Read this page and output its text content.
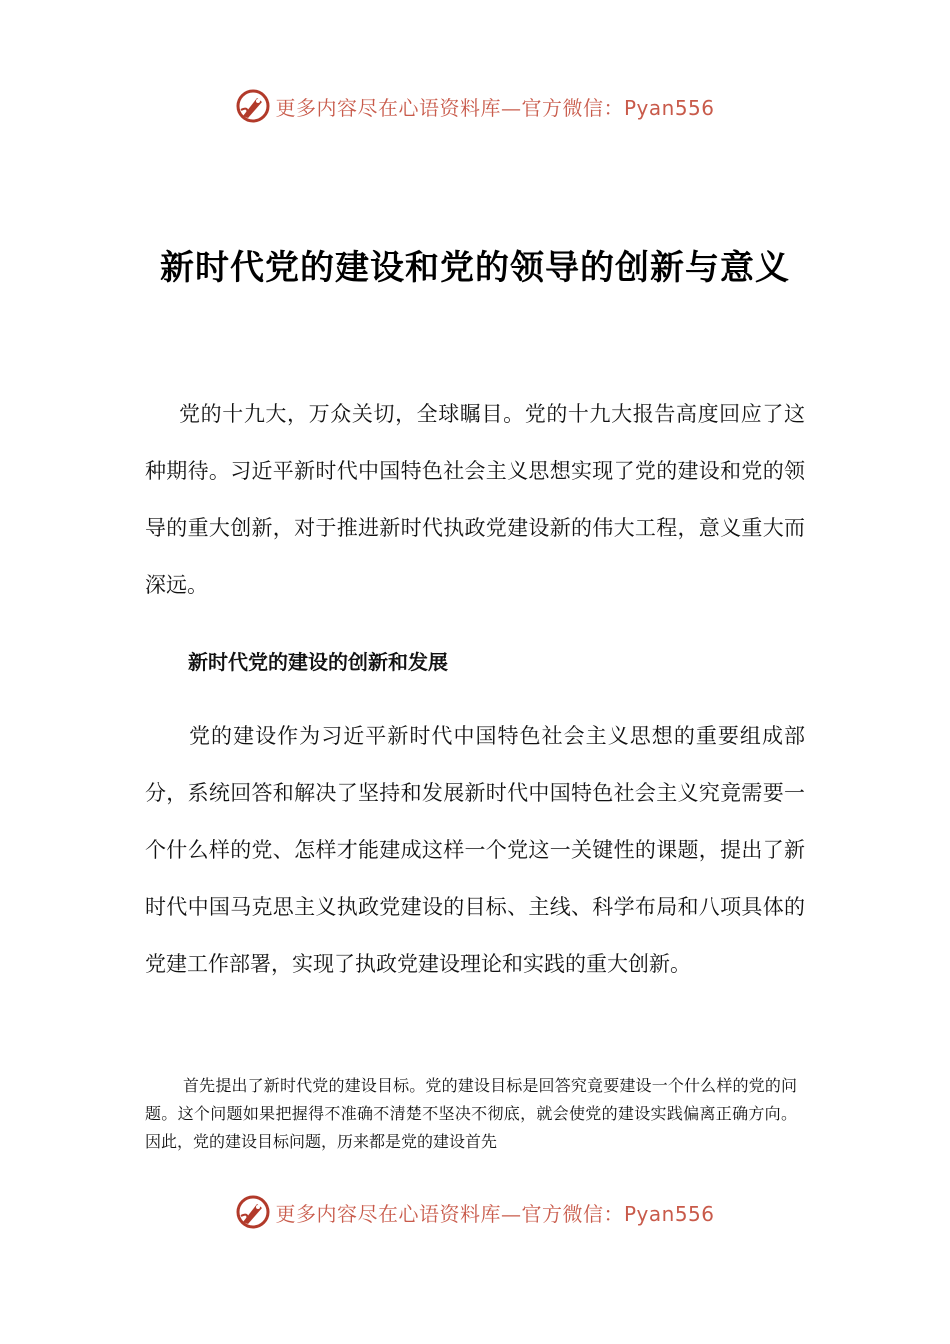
更多内容尽在心语资料库—官方微信：Pyan556
新时代党的建设和党的领导的创新与意义

党的十九大，万众关切，全球瞩目。党的十九大报告高度回应了这种期待。习近平新时代中国特色社会主义思想实现了党的建设和党的领导的重大创新，对于推进新时代执政党建设新的伟大工程，意义重大而深远。

新时代党的建设的创新和发展

党的建设作为习近平新时代中国特色社会主义思想的重要组成部分，系统回答和解决了坚持和发展新时代中国特色社会主义究竟需要一个什么样的党、怎样才能建成这样一个党这一关键性的课题，提出了新时代中国马克思主义执政党建设的目标、主线、科学布局和八项具体的党建工作部署，实现了执政党建设理论和实践的重大创新。

首先提出了新时代党的建设目标。党的建设目标是回答究竟要建设一个什么样的党的问题。这个问题如果把握得不准确不清楚不坚决不彻底，就会使党的建设实践偏离正确方向。因此，党的建设目标问题，历来都是党的建设首先

更多内容尽在心语资料库—官方微信：Pyan556
